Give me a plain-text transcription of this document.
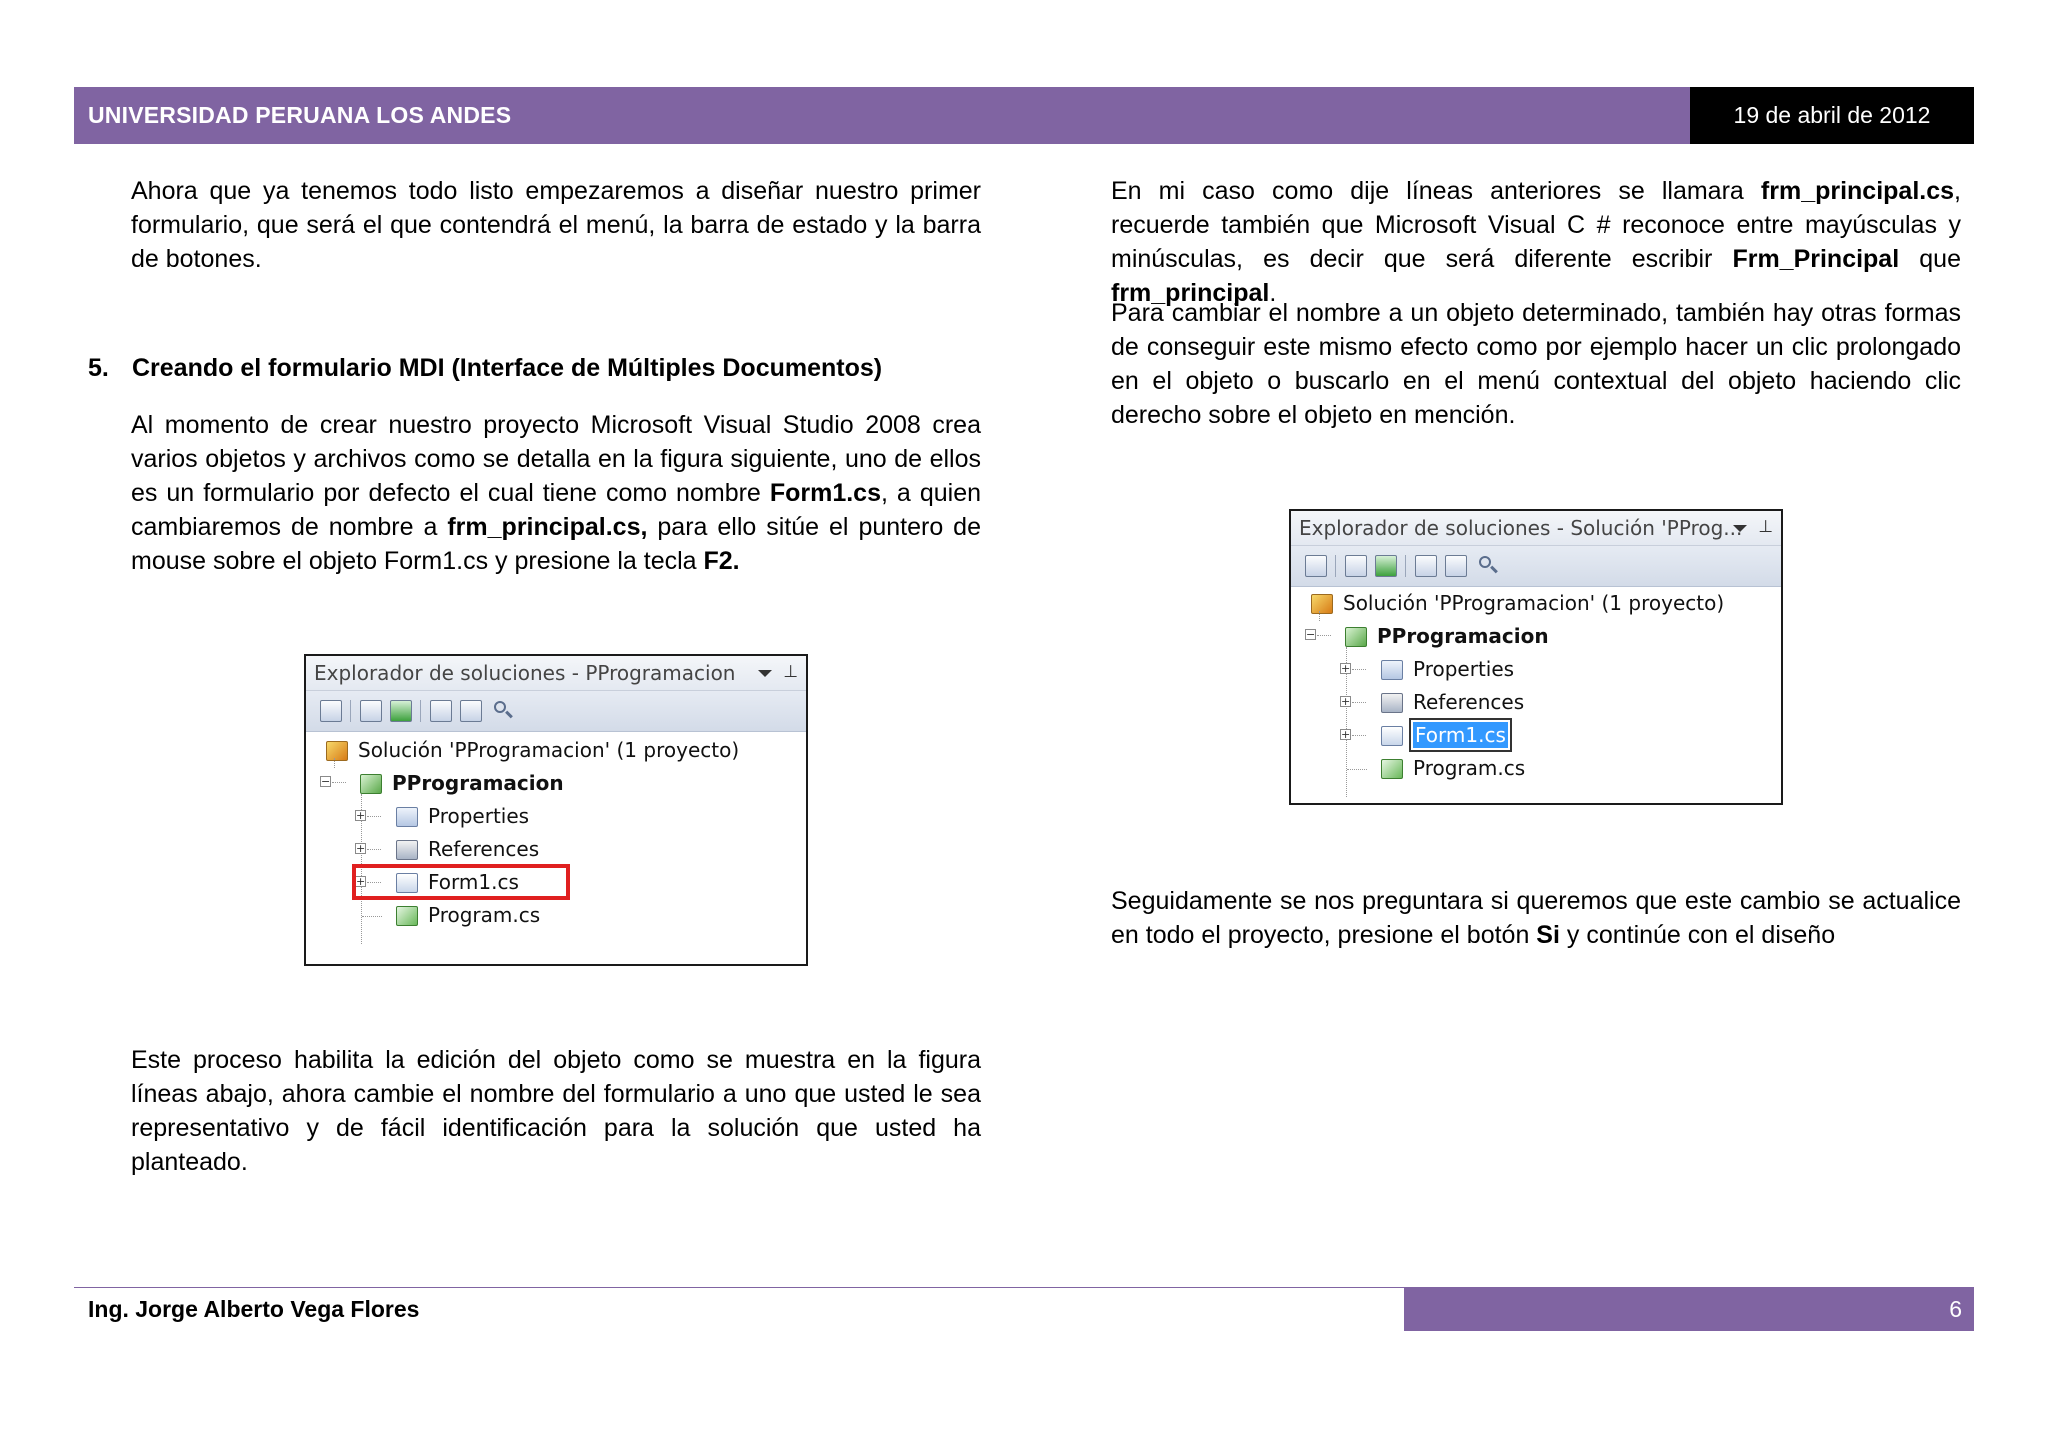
UNIVERSIDAD PERUANA LOS ANDES	19 de abril de 2012

Ahora que ya tenemos todo listo empezaremos a diseñar nuestro primer formulario, que será el que contendrá el menú, la barra de estado y la barra de botones.

5. Creando el formulario MDI (Interface de Múltiples Documentos)

Al momento de crear nuestro proyecto Microsoft Visual Studio 2008 crea varios objetos y archivos como se detalla en la figura siguiente, uno de ellos es un formulario por defecto el cual tiene como nombre Form1.cs, a quien cambiaremos de nombre a frm_principal.cs, para ello sitúe el puntero de mouse sobre el objeto Form1.cs y presione la tecla F2.

Explorador de soluciones - PProgramacion	⊥
Solución 'PProgramacion' (1 proyecto)
−	PProgramacion
+	Properties
+	References
+	Form1.cs
Program.cs

Este proceso habilita la edición del objeto como se muestra en la figura líneas abajo, ahora cambie el nombre del formulario a uno que usted le sea representativo y de fácil identificación para la solución que usted ha planteado.

En mi caso como dije líneas anteriores se llamara frm_principal.cs, recuerde también que Microsoft Visual C # reconoce entre mayúsculas y minúsculas, es decir que será diferente escribir Frm_Principal que frm_principal.

Para cambiar el nombre a un objeto determinado, también hay otras formas de conseguir este mismo efecto como por ejemplo hacer un clic prolongado en el objeto o buscarlo en el menú contextual del objeto haciendo clic derecho sobre el objeto en mención.

Explorador de soluciones - Solución 'PProg... ⊥
Solución 'PProgramacion' (1 proyecto)
−	PProgramacion
+	Properties
+	References
+	Form1.cs
Program.cs

Seguidamente se nos preguntara si queremos que este cambio se actualice en todo el proyecto, presione el botón Si y continúe con el diseño

Ing. Jorge Alberto Vega Flores	6
